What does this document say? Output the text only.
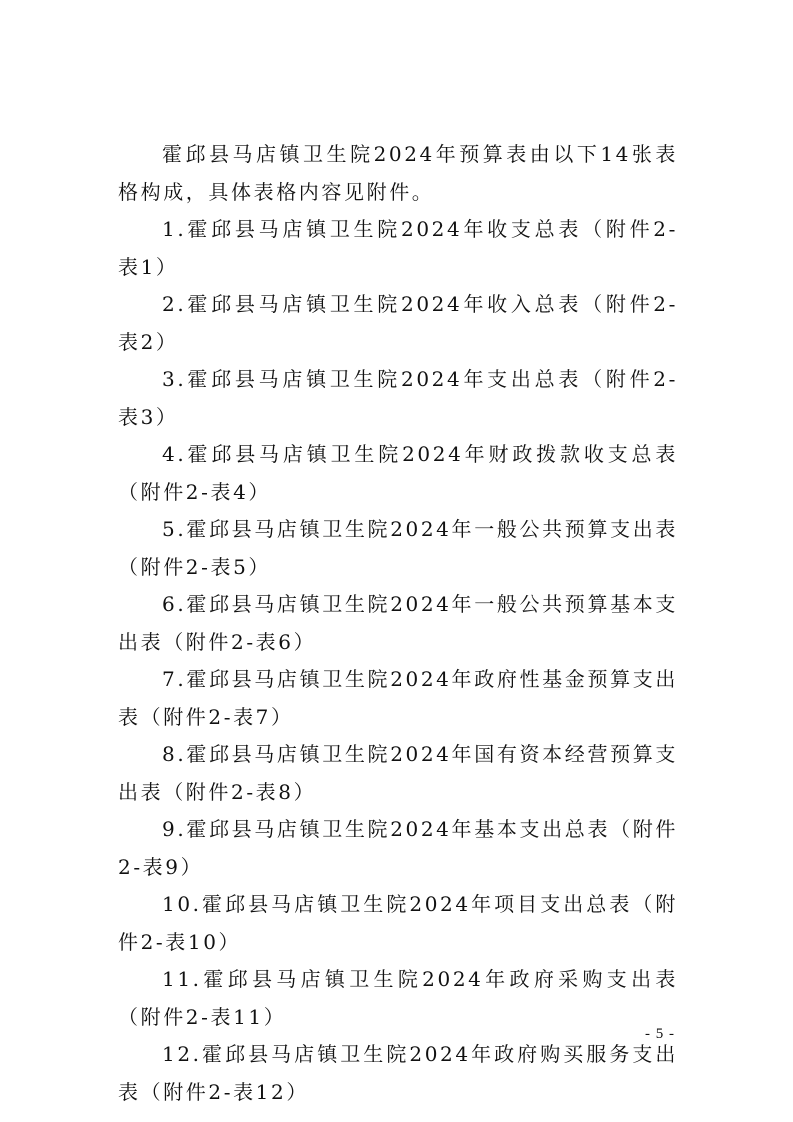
霍邱县马店镇卫生院2024年预算表由以下14张表格构成，具体表格内容见附件。

1.霍邱县马店镇卫生院2024年收支总表（附件2-表1）

2.霍邱县马店镇卫生院2024年收入总表（附件2-表2）

3.霍邱县马店镇卫生院2024年支出总表（附件2-表3）

4.霍邱县马店镇卫生院2024年财政拨款收支总表（附件2-表4）

5.霍邱县马店镇卫生院2024年一般公共预算支出表（附件2-表5）

6.霍邱县马店镇卫生院2024年一般公共预算基本支出表（附件2-表6）

7.霍邱县马店镇卫生院2024年政府性基金预算支出表（附件2-表7）

8.霍邱县马店镇卫生院2024年国有资本经营预算支出表（附件2-表8）

9.霍邱县马店镇卫生院2024年基本支出总表（附件2-表9）

10.霍邱县马店镇卫生院2024年项目支出总表（附件2-表10）

11.霍邱县马店镇卫生院2024年政府采购支出表（附件2-表11）

12.霍邱县马店镇卫生院2024年政府购买服务支出表（附件2-表12）

- 5 -
